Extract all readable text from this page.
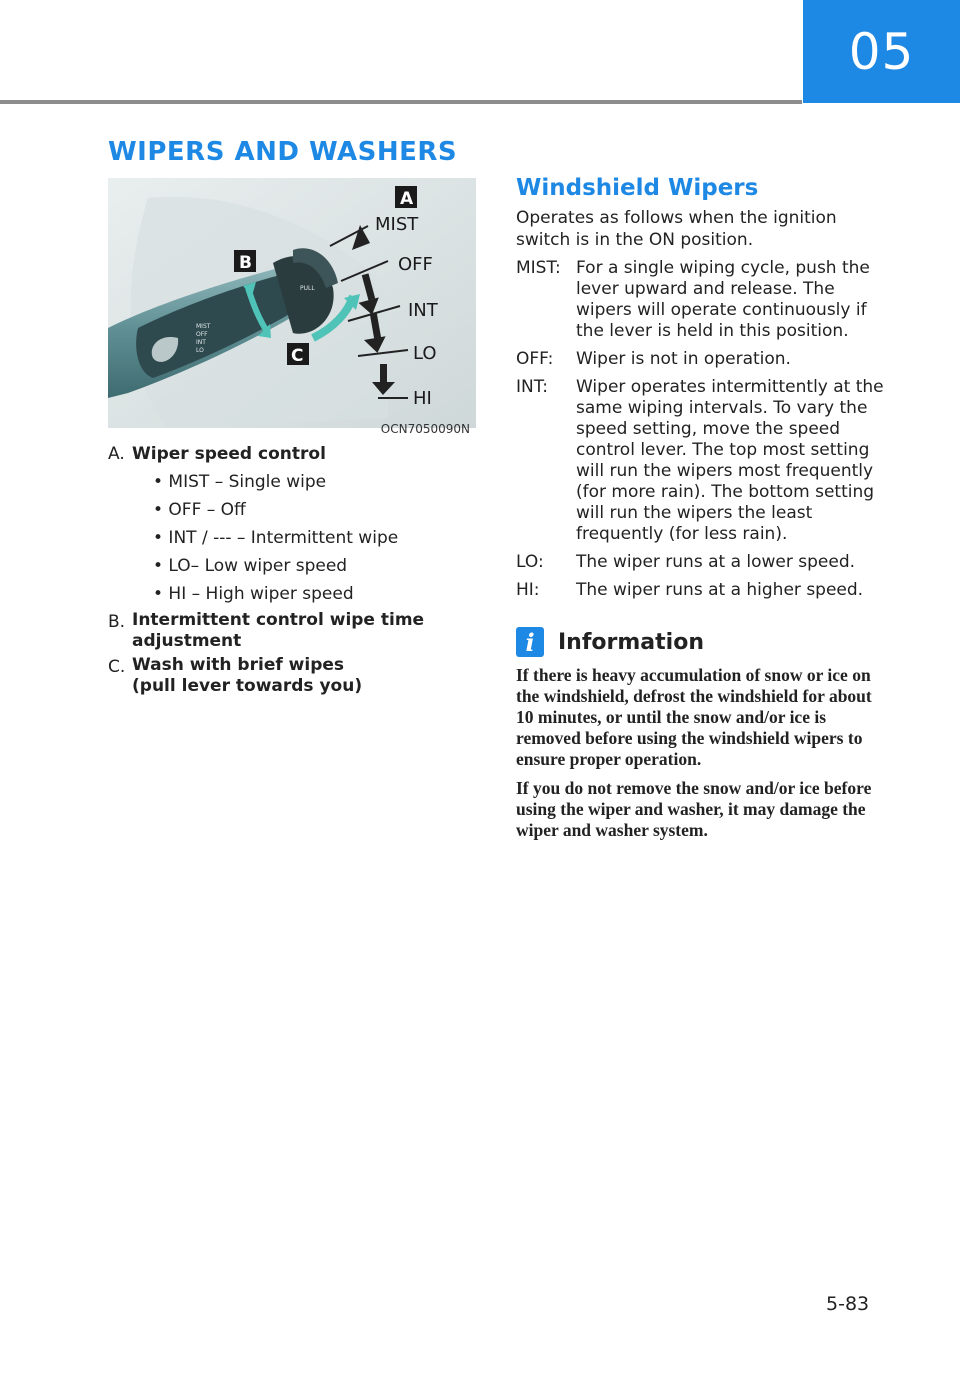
05
WIPERS AND WASHERS
MIST
OFF
INT
LO
PULL
A
MIST
OFF
INT
LO
HI
B
C
OCN7050090N
A. Wiper speed control
• MIST – Single wipe
• OFF – Off
• INT / --- – Intermittent wipe
• LO– Low wiper speed
• HI – High wiper speed
B. Intermittent control wipe time adjustment
C. Wash with brief wipes
(pull lever towards you)
Windshield Wipers
Operates as follows when the ignition switch is in the ON position.
MIST: For a single wiping cycle, push the lever upward and release. The wipers will operate continuously if the lever is held in this position.
OFF:	Wiper is not in operation.
INT:	Wiper operates intermittently at the same wiping intervals. To vary the speed setting, move the speed control lever. The top most setting will run the wipers most frequently (for more rain). The bottom setting will run the wipers the least frequently (for less rain).
LO:	The wiper runs at a lower speed.
HI:	The wiper runs at a higher speed.
i	Information
If there is heavy accumulation of snow or ice on the windshield, defrost the windshield for about 10 minutes, or until the snow and/or ice is removed before using the windshield wipers to ensure proper operation.
If you do not remove the snow and/or ice before using the wiper and washer, it may damage the wiper and washer system.
5-83
